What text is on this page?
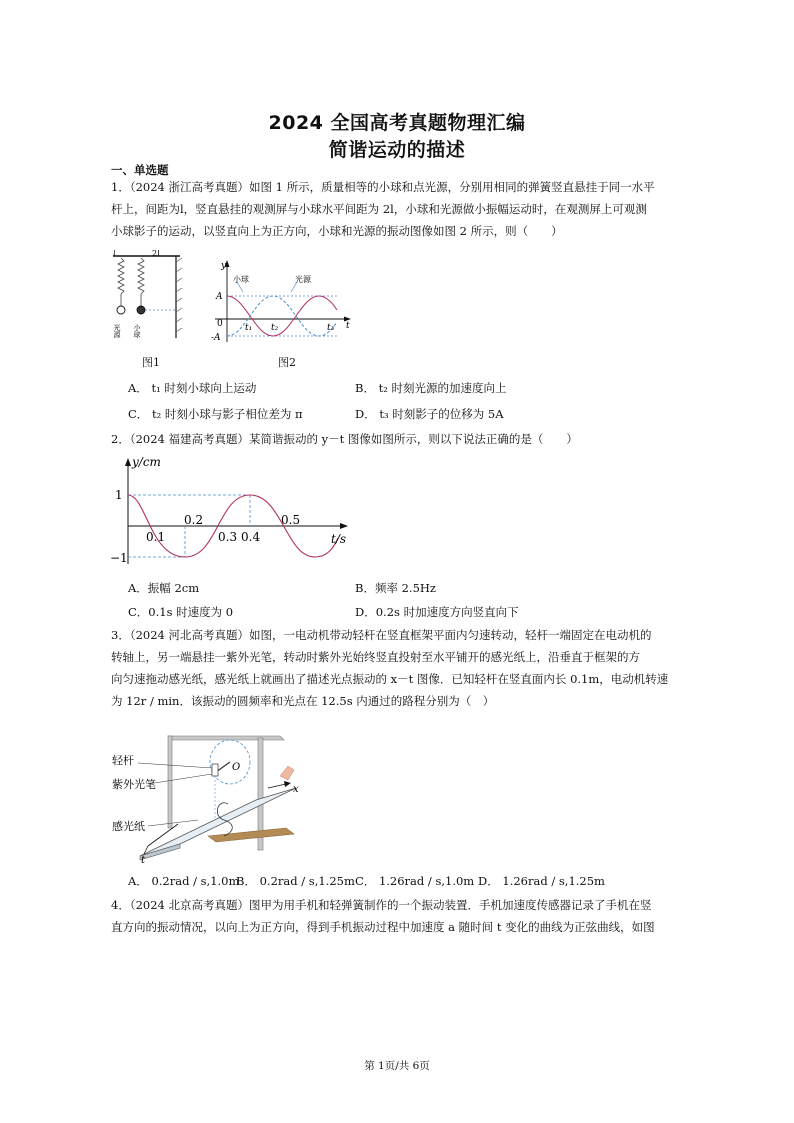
2024 全国高考真题物理汇编
简谐运动的描述
一、单选题
1．（2024 浙江高考真题）如图 1 所示，质量相等的小球和点光源，分别用相同的弹簧竖直悬挂于同一水平
杆上，间距为l，竖直悬挂的观测屏与小球水平间距为 2l，小球和光源做小振幅运动时，在观测屏上可观测
小球影子的运动，以竖直向上为正方向，小球和光源的振动图像如图 2 所示，则（　　）
l	2l
光源 小球
图1
y
t
A
-A
0 t₁ t₂	t₃
小球	光源
图2
A． t₁ 时刻小球向上运动	B． t₂ 时刻光源的加速度向上
C． t₂ 时刻小球与影子相位差为 π	D． t₃ 时刻影子的位移为 5A
2．（2024 福建高考真题）某简谐振动的 y－t 图像如图所示，则以下说法正确的是（　　）
y/cm
t/s
1
−1
0.1
0.2
0.3 0.4
0.5
A．振幅 2cm	B．频率 2.5Hz
C．0.1s 时速度为 0	D．0.2s 时加速度方向竖直向下
3．（2024 河北高考真题）如图，一电动机带动轻杆在竖直框架平面内匀速转动，轻杆一端固定在电动机的
转轴上，另一端悬挂一紫外光笔，转动时紫外光始终竖直投射至水平铺开的感光纸上，沿垂直于框架的方
向匀速拖动感光纸，感光纸上就画出了描述光点振动的 x－t 图像．已知轻杆在竖直面内长 0.1m，电动机转速
为 12r / min．该振动的圆频率和光点在 12.5s 内通过的路程分别为（　）
轻杆
紫外光笔
感光纸
O
x
t
A． 0.2rad / s,1.0m
B． 0.2rad / s,1.25m C． 1.26rad / s,1.0m D． 1.26rad / s,1.25m
4．（2024 北京高考真题）图甲为用手机和轻弹簧制作的一个振动装置．手机加速度传感器记录了手机在竖
直方向的振动情况，以向上为正方向，得到手机振动过程中加速度 a 随时间 t 变化的曲线为正弦曲线，如图
第 1页/共 6页
